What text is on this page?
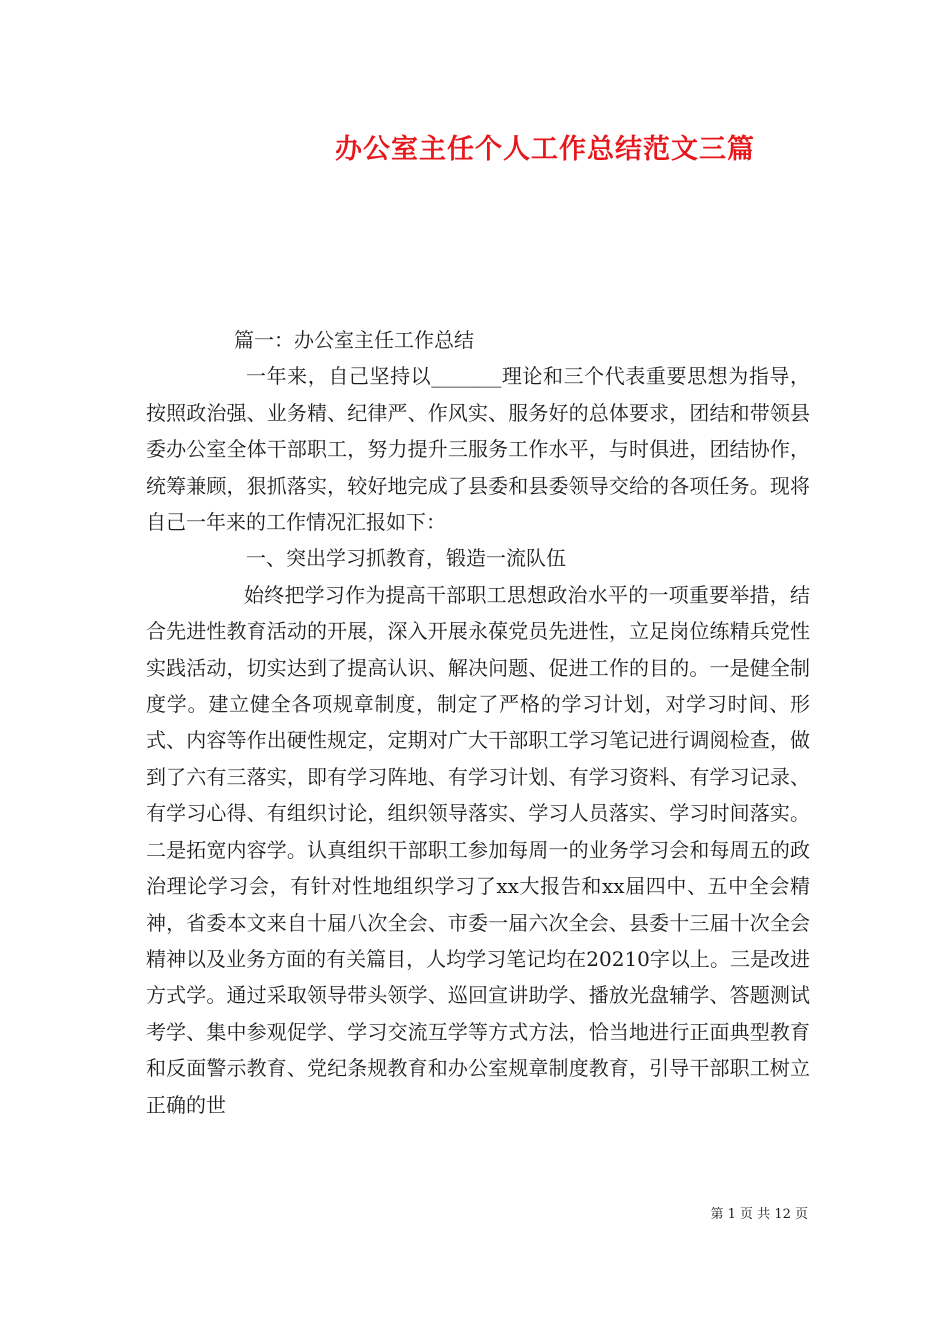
办公室主任个人工作总结范文三篇

篇一：办公室主任工作总结

一年来，自己坚持以_______理论和三个代表重要思想为指导，按照政治强、业务精、纪律严、作风实、服务好的总体要求，团结和带领县委办公室全体干部职工，努力提升三服务工作水平，与时俱进，团结协作，统筹兼顾，狠抓落实，较好地完成了县委和县委领导交给的各项任务。现将自己一年来的工作情况汇报如下：

一、突出学习抓教育，锻造一流队伍

始终把学习作为提高干部职工思想政治水平的一项重要举措，结合先进性教育活动的开展，深入开展永葆党员先进性，立足岗位练精兵党性实践活动，切实达到了提高认识、解决问题、促进工作的目的。一是健全制度学。建立健全各项规章制度，制定了严格的学习计划，对学习时间、形式、内容等作出硬性规定，定期对广大干部职工学习笔记进行调阅检查，做到了六有三落实，即有学习阵地、有学习计划、有学习资料、有学习记录、有学习心得、有组织讨论，组织领导落实、学习人员落实、学习时间落实。二是拓宽内容学。认真组织干部职工参加每周一的业务学习会和每周五的政治理论学习会，有针对性地组织学习了xx大报告和xx届四中、五中全会精神，省委本文来自十届八次全会、市委一届六次全会、县委十三届十次全会精神以及业务方面的有关篇目，人均学习笔记均在20210字以上。三是改进方式学。通过采取领导带头领学、巡回宣讲助学、播放光盘辅学、答题测试考学、集中参观促学、学习交流互学等方式方法，恰当地进行正面典型教育和反面警示教育、党纪条规教育和办公室规章制度教育，引导干部职工树立正确的世

第 1 页 共 12 页
